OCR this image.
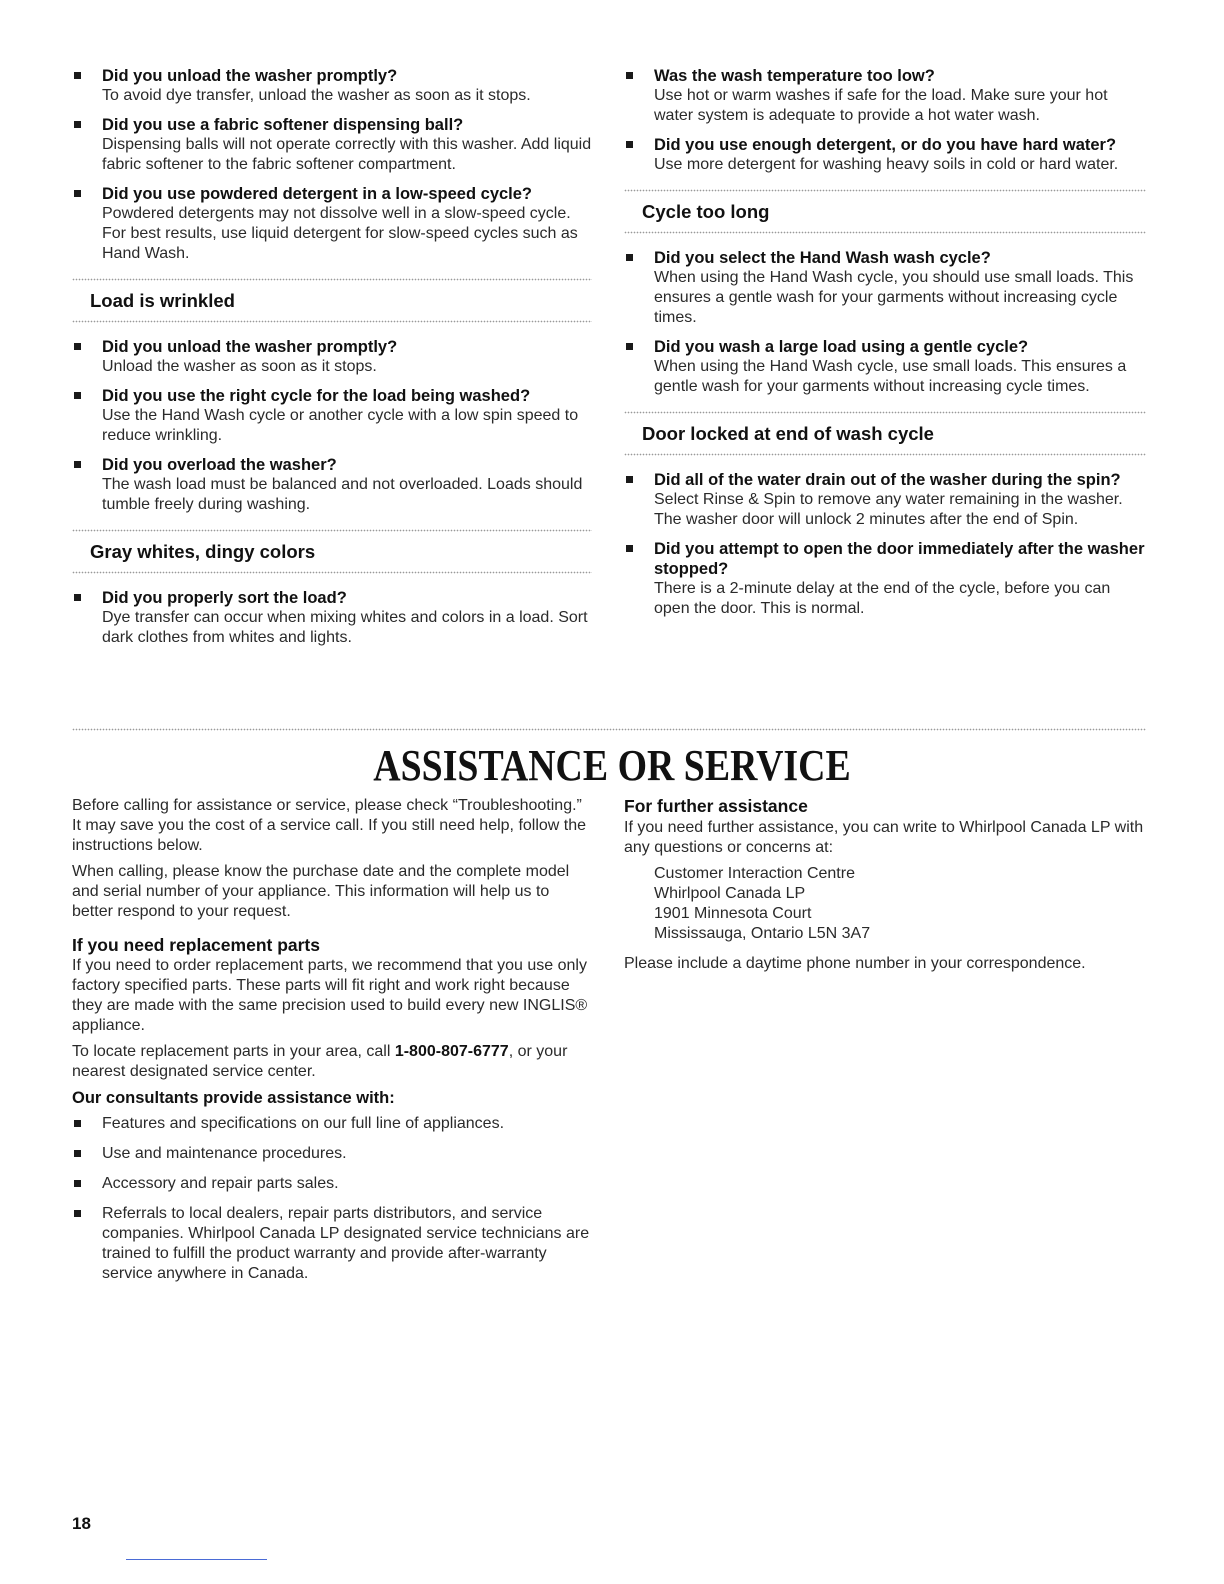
Did you unload the washer promptly?
To avoid dye transfer, unload the washer as soon as it stops.
Did you use a fabric softener dispensing ball?
Dispensing balls will not operate correctly with this washer. Add liquid fabric softener to the fabric softener compartment.
Did you use powdered detergent in a low-speed cycle?
Powdered detergents may not dissolve well in a slow-speed cycle. For best results, use liquid detergent for slow-speed cycles such as Hand Wash.
Load is wrinkled
Did you unload the washer promptly?
Unload the washer as soon as it stops.
Did you use the right cycle for the load being washed?
Use the Hand Wash cycle or another cycle with a low spin speed to reduce wrinkling.
Did you overload the washer?
The wash load must be balanced and not overloaded. Loads should tumble freely during washing.
Gray whites, dingy colors
Did you properly sort the load?
Dye transfer can occur when mixing whites and colors in a load. Sort dark clothes from whites and lights.
Was the wash temperature too low?
Use hot or warm washes if safe for the load. Make sure your hot water system is adequate to provide a hot water wash.
Did you use enough detergent, or do you have hard water?
Use more detergent for washing heavy soils in cold or hard water.
Cycle too long
Did you select the Hand Wash wash cycle?
When using the Hand Wash cycle, you should use small loads. This ensures a gentle wash for your garments without increasing cycle times.
Did you wash a large load using a gentle cycle?
When using the Hand Wash cycle, use small loads. This ensures a gentle wash for your garments without increasing cycle times.
Door locked at end of wash cycle
Did all of the water drain out of the washer during the spin?
Select Rinse & Spin to remove any water remaining in the washer. The washer door will unlock 2 minutes after the end of Spin.
Did you attempt to open the door immediately after the washer stopped?
There is a 2-minute delay at the end of the cycle, before you can open the door. This is normal.
ASSISTANCE OR SERVICE
Before calling for assistance or service, please check “Troubleshooting.” It may save you the cost of a service call. If you still need help, follow the instructions below.
When calling, please know the purchase date and the complete model and serial number of your appliance. This information will help us to better respond to your request.
If you need replacement parts
If you need to order replacement parts, we recommend that you use only factory specified parts. These parts will fit right and work right because they are made with the same precision used to build every new INGLIS® appliance.
To locate replacement parts in your area, call 1-800-807-6777, or your nearest designated service center.
Our consultants provide assistance with:
Features and specifications on our full line of appliances.
Use and maintenance procedures.
Accessory and repair parts sales.
Referrals to local dealers, repair parts distributors, and service companies. Whirlpool Canada LP designated service technicians are trained to fulfill the product warranty and provide after-warranty service anywhere in Canada.
For further assistance
If you need further assistance, you can write to Whirlpool Canada LP with any questions or concerns at:
Customer Interaction Centre
Whirlpool Canada LP
1901 Minnesota Court
Mississauga, Ontario L5N 3A7
Please include a daytime phone number in your correspondence.
18
